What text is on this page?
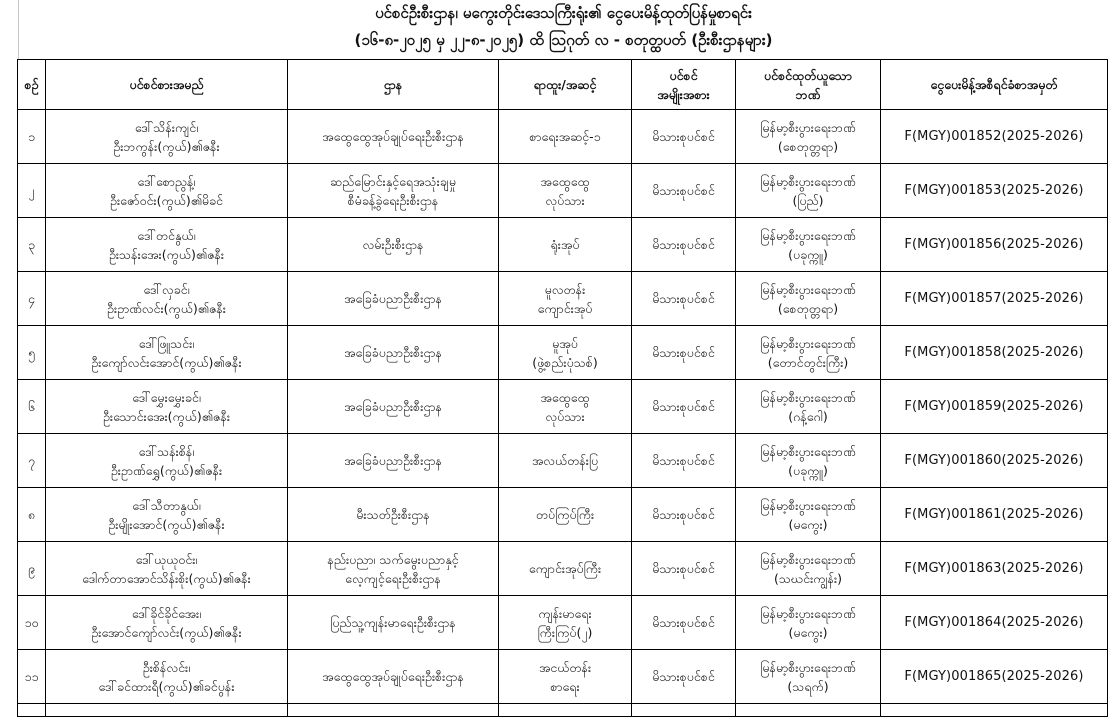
ပင်စင်ဦးစီးဌာန၊ မကွေးတိုင်းဒေသကြီးရုံး၏ ငွေပေးမိန့်ထုတ်ပြန်မှုစာရင်း
(၁၆-၈-၂၀၂၅ မှ ၂၂-၈-၂၀၂၅) ထိ ဩဂုတ် လ - စတုတ္ထပတ် (ဦးစီးဌာနများ)
စဉ်	ပင်စင်စားအမည်	ဌာန	ရာထူး/အဆင့်	ပင်စင်
အမျိုးအစား	ပင်စင်ထုတ်ယူသော
ဘဏ်	ငွေပေးမိန့်အစီရင်ခံစာအမှတ်

၁	ဒေါ်သိန်းကျင်၊
ဦးဘကွန်း(ကွယ်)၏ဇနီး	အထွေထွေအုပ်ချုပ်ရေးဦးစီးဌာန	စာရေးအဆင့်-၁	မိသားစုပင်စင်	မြန်မာ့စီးပွားရေးဘဏ်
(စေတုတ္တရာ)	F(MGY)001852(2025-2026)

၂	ဒေါ်စောညွန့်၊
ဦးဇော်ဝင်း(ကွယ်)၏မိခင်	ဆည်မြောင်းနှင့်ရေအသုံးချမှု
စီမံခန့်ခွဲရေးဦးစီးဌာန	အထွေထွေ
လုပ်သား	မိသားစုပင်စင်	မြန်မာ့စီးပွားရေးဘဏ်
(ပြည်)	F(MGY)001853(2025-2026)

၃	ဒေါ်တင်နွယ်၊
ဦးသန်းအေး(ကွယ်)၏ဇနီး	လမ်းဦးစီးဌာန	ရုံးအုပ်	မိသားစုပင်စင်	မြန်မာ့စီးပွားရေးဘဏ်
(ပခုက္ကူ)	F(MGY)001856(2025-2026)

၄	ဒေါ်လှခင်၊
ဦးဥာဏ်လင်း(ကွယ်)၏ဇနီး	အခြေခံပညာဦးစီးဌာန	မူလတန်း
ကျောင်းအုပ်	မိသားစုပင်စင်	မြန်မာ့စီးပွားရေးဘဏ်
(စေတုတ္တရာ)	F(MGY)001857(2025-2026)

၅	ဒေါ်ဖြူသင်း၊
ဦးကျော်လင်းအောင်(ကွယ်)၏ဇနီး	အခြေခံပညာဦးစီးဌာန	မူအုပ်
(ဖွဲ့စည်းပုံသစ်)	မိသားစုပင်စင်	မြန်မာ့စီးပွားရေးဘဏ်
(တောင်တွင်းကြီး)	F(MGY)001858(2025-2026)

၆	ဒေါ်မွှေးမွှေးခင်၊
ဦးသောင်းအေး(ကွယ်)၏ဇနီး	အခြေခံပညာဦးစီးဌာန	အထွေထွေ
လုပ်သား	မိသားစုပင်စင်	မြန်မာ့စီးပွားရေးဘဏ်
(ဂန့်ဂေါ)	F(MGY)001859(2025-2026)

၇	ဒေါ်သန်းစိန်၊
ဦးဥာဏ်ရွှေ(ကွယ်)၏ဇနီး	အခြေခံပညာဦးစီးဌာန	အလယ်တန်းပြ	မိသားစုပင်စင်	မြန်မာ့စီးပွားရေးဘဏ်
(ပခုက္ကူ)	F(MGY)001860(2025-2026)

၈	ဒေါ်သီတာနွယ်၊
ဦးမျိုးအောင်(ကွယ်)၏ဇနီး	မီးသတ်ဦးစီးဌာန	တပ်ကြပ်ကြီး	မိသားစုပင်စင်	မြန်မာ့စီးပွားရေးဘဏ်
(မကွေး)	F(MGY)001861(2025-2026)

၉	ဒေါ်ယုယုဝင်း၊
ဒေါက်တာအောင်သိန်းစိုး(ကွယ်)၏ဇနီး	နည်းပညာ၊ သက်မွေးပညာနှင့်
လေ့ကျင့်ရေးဦးစီးဌာန	ကျောင်းအုပ်ကြီး	မိသားစုပင်စင်	မြန်မာ့စီးပွားရေးဘဏ်
(သဃင်းကျွန်း)	F(MGY)001863(2025-2026)

၁၀	ဒေါ်ခိုင်ခိုင်အေး၊
ဦးအောင်ကျော်လင်း(ကွယ်)၏ဇနီး	ပြည်သူ့ကျန်းမာရေးဦးစီးဌာန	ကျန်းမာရေး
ကြီးကြပ်(၂)	မိသားစုပင်စင်	မြန်မာ့စီးပွားရေးဘဏ်
(မကွေး)	F(MGY)001864(2025-2026)

၁၁	ဦးစိန်လင်း၊
ဒေါ်ခင်ထားရီ(ကွယ်)၏ခင်ပွန်း	အထွေထွေအုပ်ချုပ်ရေးဦးစီးဌာန	အငယ်တန်း
စာရေး	မိသားစုပင်စင်	မြန်မာ့စီးပွားရေးဘဏ်
(သရက်)	F(MGY)001865(2025-2026)
